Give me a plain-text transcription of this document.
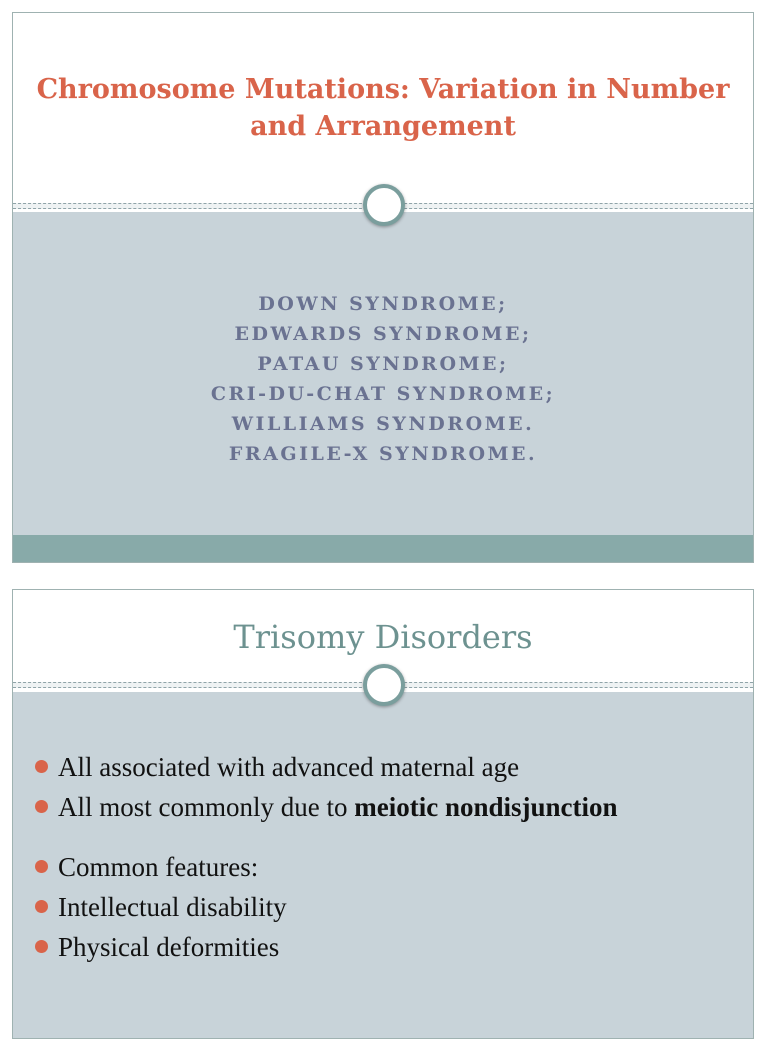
Chromosome Mutations: Variation in Number and Arrangement
DOWN SYNDROME;
EDWARDS SYNDROME;
PATAU SYNDROME;
CRI-DU-CHAT SYNDROME;
WILLIAMS SYNDROME.
FRAGILE-X SYNDROME.
Trisomy Disorders
All associated with advanced maternal age
All most commonly due to meiotic nondisjunction
Common features:
Intellectual disability
Physical deformities
